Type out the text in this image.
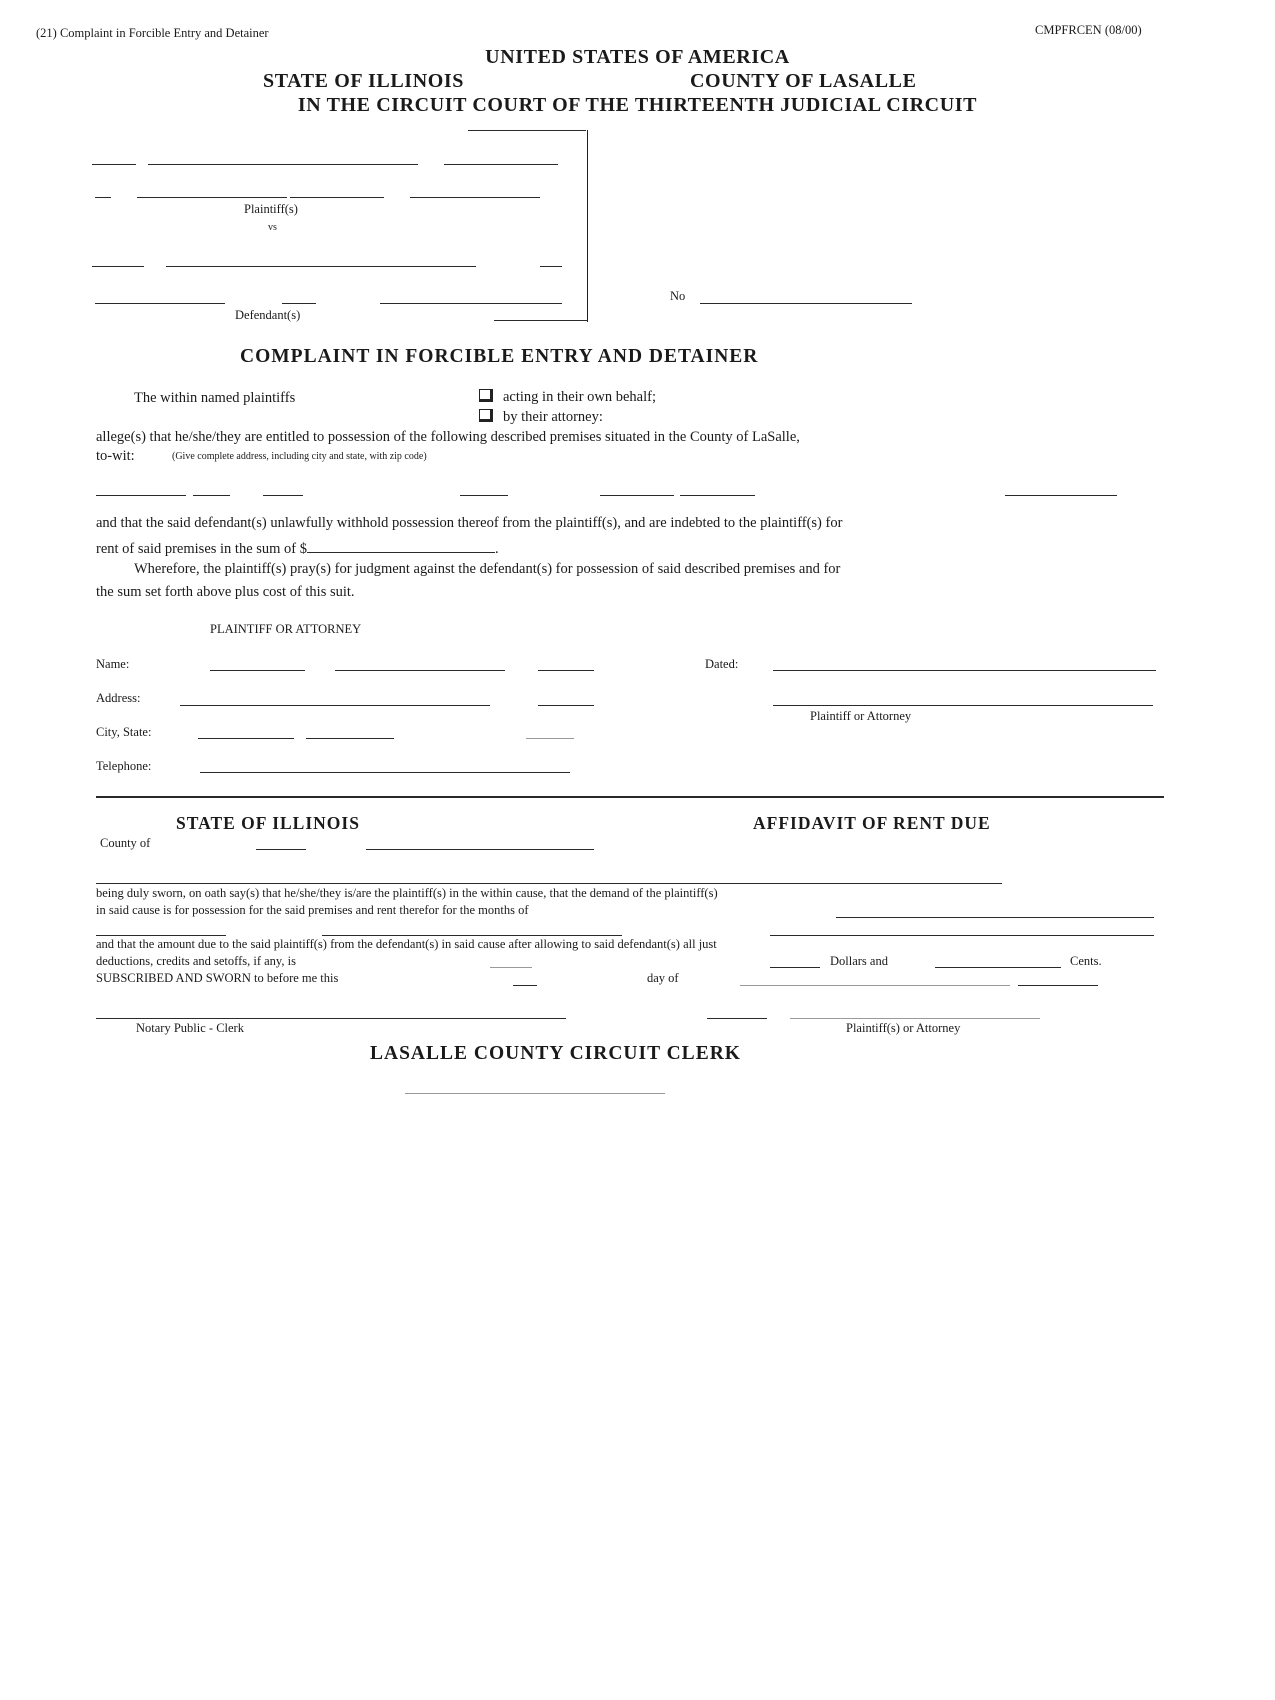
(21) Complaint in Forcible Entry and Detainer	CMPFRCEN (08/00)
UNITED STATES OF AMERICA
STATE OF ILLINOIS	COUNTY OF LASALLE
IN THE CIRCUIT COURT OF THE THIRTEENTH JUDICIAL CIRCUIT
Plaintiff(s)
vs
Defendant(s)
No
COMPLAINT IN FORCIBLE ENTRY AND DETAINER
The within named plaintiffs	acting in their own behalf;
by their attorney:
allege(s) that he/she/they are entitled to possession of the following described premises situated in the County of LaSalle,
to-wit:	(Give complete address, including city and state, with zip code)
and that the said defendant(s) unlawfully withhold possession thereof from the plaintiff(s), and are indebted to the plaintiff(s) for
rent of said premises in the sum of $	.
Wherefore, the plaintiff(s) pray(s) for judgment against the defendant(s) for possession of said described premises and for
the sum set forth above plus cost of this suit.
PLAINTIFF OR ATTORNEY
Name:
Address:
City, State:
Telephone:
Dated:
Plaintiff or Attorney
STATE OF ILLINOIS	AFFIDAVIT OF RENT DUE
County of
being duly sworn, on oath say(s) that he/she/they is/are the plaintiff(s) in the within cause, that the demand of the plaintiff(s)
in said cause is for possession for the said premises and rent therefor for the months of
and that the amount due to the said plaintiff(s) from the defendant(s) in said cause after allowing to said defendant(s) all just
deductions, credits and setoffs, if any, is	Dollars and	Cents.
SUBSCRIBED AND SWORN to before me this	day of
Notary Public - Clerk	Plaintiff(s) or Attorney
LASALLE COUNTY CIRCUIT CLERK
